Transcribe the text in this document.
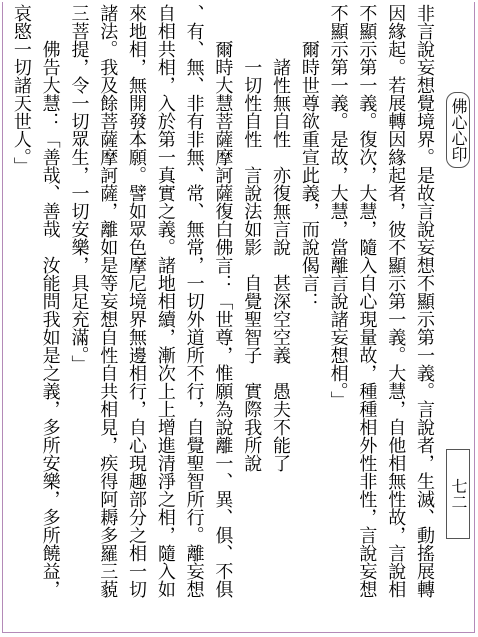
非言說妄想覺境界。是故言說妄想不顯示第一義。言說者，生滅、動搖展轉
因緣起。若展轉因緣起者，彼不顯示第一義。大慧，自他相無性故，言說相
不顯示第一義。復次，大慧，隨入自心現量故，種種相外性非性，言說妄想
不顯示第一義。是故，大慧，當離言說諸妄想相。」
爾時世尊欲重宣此義，而說偈言：
諸性無自性　亦復無言說　甚深空空義　愚夫不能了
一切性自性　言說法如影　自覺聖智子　實際我所說
爾時大慧菩薩摩訶薩復白佛言：「世尊，惟願為說離一、異、俱、不俱
、有、無、非有非無、常、無常，一切外道所不行，自覺聖智所行。離妄想
自相共相，入於第一真實之義。諸地相續，漸次上上增進清淨之相，隨入如
來地相，無開發本願。譬如眾色摩尼境界無邊相行，自心現趣部分之相一切
諸法。我及餘菩薩摩訶薩，離如是等妄想自性自共相見，疾得阿耨多羅三藐
三菩提，令一切眾生，一切安樂，具足充滿。」
佛告大慧：「善哉、善哉　汝能問我如是之義，多所安樂，多所饒益，
哀愍一切諸天世人。」	佛心心印
七二
